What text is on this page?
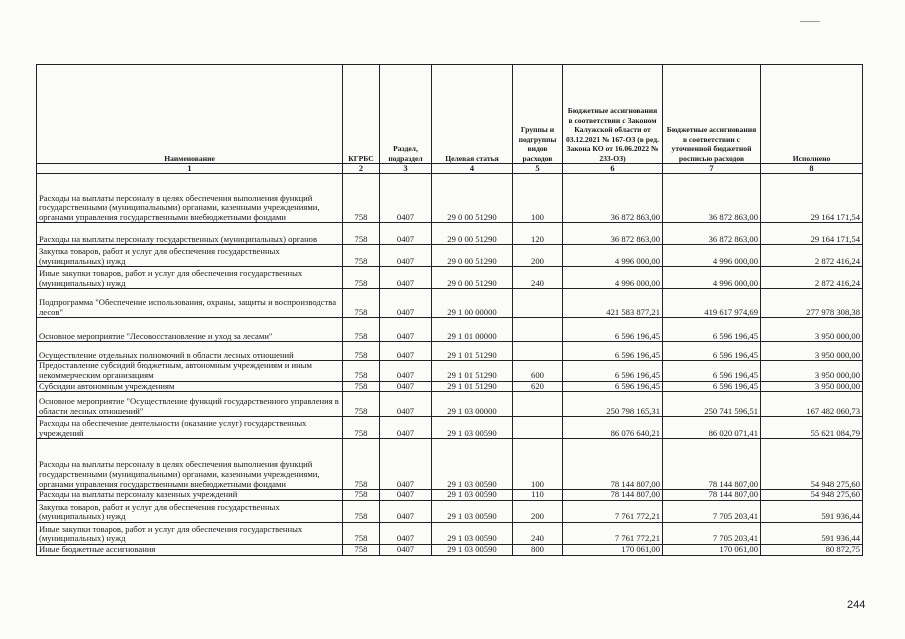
Наименование	КГРБС	Раздел, подраздел	Целевая статья	Группы и подгруппы видов расходов	Бюджетные ассигнования в соответствии с Законом Калужской области от 03.12.2021 № 167-ОЗ (в ред. Закона КО от 16.06.2022 № 233-ОЗ)	Бюджетные ассигнования в соответствии с уточненной бюджетной росписью расходов	Исполнено
1	2	3	4	5	6	7	8
Расходы на выплаты персоналу в целях обеспечения выполнения функций государственными (муниципальными) органами, казенными учреждениями, органами управления государственными внебюджетными фондами	758	0407	29 0 00 51290	100	36 872 863,00	36 872 863,00	29 164 171,54
Расходы на выплаты персоналу государственных (муниципальных) органов	758	0407	29 0 00 51290	120	36 872 863,00	36 872 863,00	29 164 171,54
Закупка товаров, работ и услуг для обеспечения государственных (муниципальных) нужд	758	0407	29 0 00 51290	200	4 996 000,00	4 996 000,00	2 872 416,24
Иные закупки товаров, работ и услуг для обеспечения государственных (муниципальных) нужд	758	0407	29 0 00 51290	240	4 996 000,00	4 996 000,00	2 872 416,24
Подпрограмма "Обеспечение использования, охраны, защиты и воспроизводства лесов"	758	0407	29 1 00 00000		421 583 877,21	419 617 974,69	277 978 308,38
Основное мероприятие "Лесовосстановление и уход за лесами"	758	0407	29 1 01 00000		6 596 196,45	6 596 196,45	3 950 000,00
Осуществление отдельных полномочий в области лесных отношений	758	0407	29 1 01 51290		6 596 196,45	6 596 196,45	3 950 000,00
Предоставление субсидий бюджетным, автономным учреждениям и иным некоммерческим организациям	758	0407	29 1 01 51290	600	6 596 196,45	6 596 196,45	3 950 000,00
Субсидии автономным учреждениям	758	0407	29 1 01 51290	620	6 596 196,45	6 596 196,45	3 950 000,00
Основное мероприятие "Осуществление функций государственного управления в области лесных отношений"	758	0407	29 1 03 00000		250 798 165,31	250 741 596,51	167 482 060,73
Расходы на обеспечение деятельности (оказание услуг) государственных учреждений	758	0407	29 1 03 00590		86 076 640,21	86 020 071,41	55 621 084,79
Расходы на выплаты персоналу в целях обеспечения выполнения функций государственными (муниципальными) органами, казенными учреждениями, органами управления государственными внебюджетными фондами	758	0407	29 1 03 00590	100	78 144 807,00	78 144 807,00	54 948 275,60
Расходы на выплаты персоналу казенных учреждений	758	0407	29 1 03 00590	110	78 144 807,00	78 144 807,00	54 948 275,60
Закупка товаров, работ и услуг для обеспечения государственных (муниципальных) нужд	758	0407	29 1 03 00590	200	7 761 772,21	7 705 203,41	591 936,44
Иные закупки товаров, работ и услуг для обеспечения государственных (муниципальных) нужд	758	0407	29 1 03 00590	240	7 761 772,21	7 705 203,41	591 936,44
Иные бюджетные ассигнования	758	0407	29 1 03 00590	800	170 061,00	170 061,00	80 872,75
244
